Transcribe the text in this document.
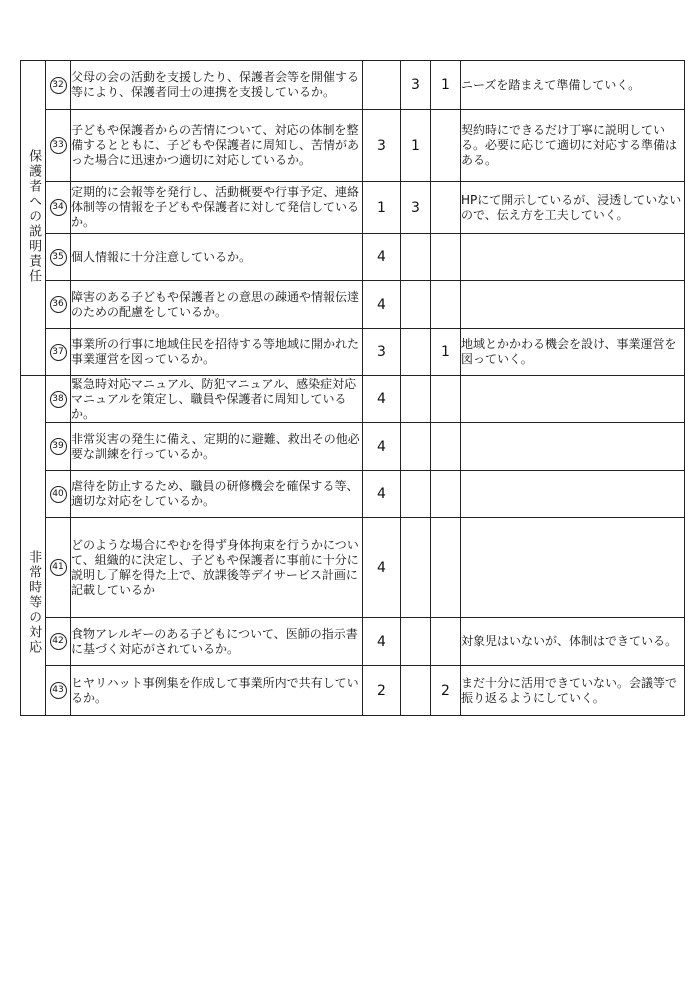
保護者への説明責任	32	父母の会の活動を支援したり、保護者会等を開催する等により、保護者同士の連携を支援しているか。		3	1	ニーズを踏まえて準備していく。
	33	子どもや保護者からの苦情について、対応の体制を整備するとともに、子どもや保護者に周知し、苦情があった場合に迅速かつ適切に対応しているか。	3	1		契約時にできるだけ丁寧に説明している。必要に応じて適切に対応する準備はある。
	34	定期的に会報等を発行し、活動概要や行事予定、連絡体制等の情報を子どもや保護者に対して発信しているか。	1	3		HPにて開示しているが、浸透していないので、伝え方を工夫していく。
	35	個人情報に十分注意しているか。	4			
	36	障害のある子どもや保護者との意思の疎通や情報伝達のための配慮をしているか。	4			
	37	事業所の行事に地域住民を招待する等地域に開かれた事業運営を図っているか。	3		1	地域とかかわる機会を設け、事業運営を図っていく。
非常時等の対応	38	緊急時対応マニュアル、防犯マニュアル、感染症対応マニュアルを策定し、職員や保護者に周知しているか。	4			
	39	非常災害の発生に備え、定期的に避難、救出その他必要な訓練を行っているか。	4			
	40	虐待を防止するため、職員の研修機会を確保する等、適切な対応をしているか。	4			
	41	どのような場合にやむを得ず身体拘束を行うかについて、組織的に決定し、子どもや保護者に事前に十分に説明し了解を得た上で、放課後等デイサービス計画に記載しているか	4			
	42	食物アレルギーのある子どもについて、医師の指示書に基づく対応がされているか。	4			対象児はいないが、体制はできている。
	43	ヒヤリハット事例集を作成して事業所内で共有しているか。	2		2	まだ十分に活用できていない。会議等で振り返るようにしていく。
